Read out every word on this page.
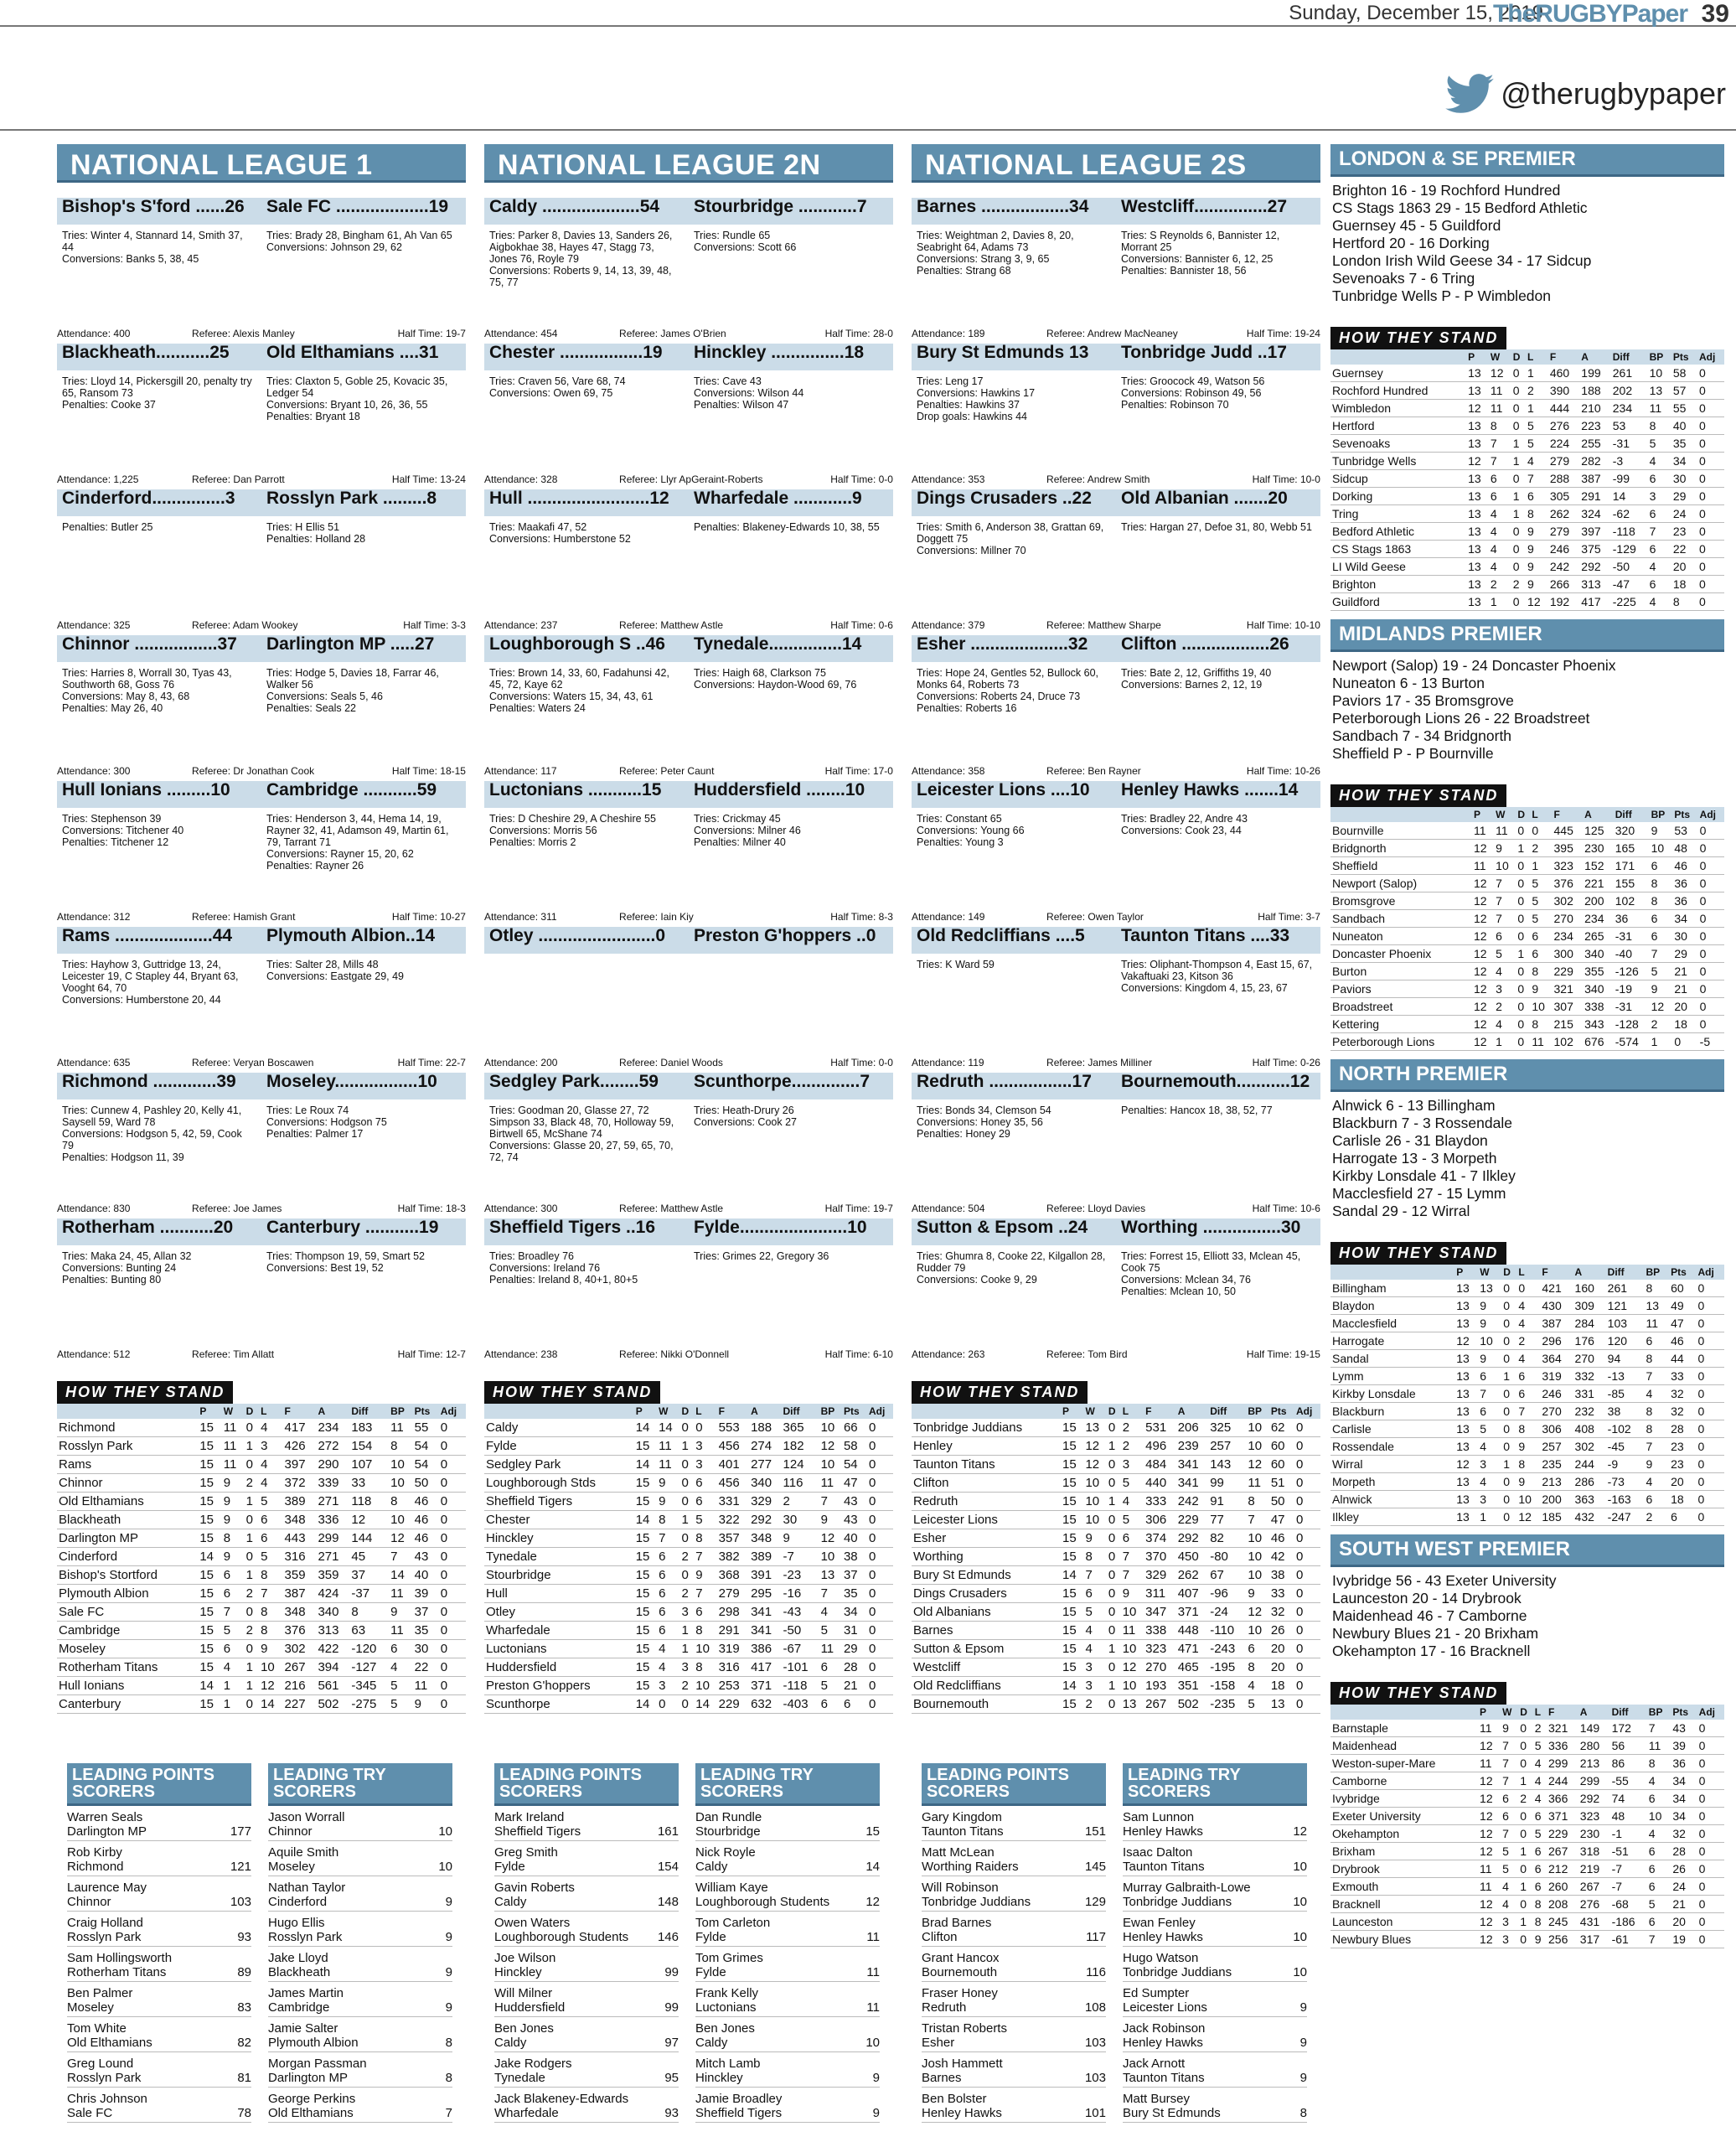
Sunday, December 15, 2019
TheRUGBYPaper 39
@therugbypaper
NATIONAL LEAGUE 1
Bishop's S'ford ......26	Sale FC ...................19
Tries: Winter 4, Stannard 14, Smith 37, 44
Conversions: Banks 5, 38, 45
Tries: Brady 28, Bingham 61, Ah Van 65
Conversions: Johnson 29, 62
Attendance: 400	Referee: Alexis Manley	Half Time: 19-7
Blackheath...........25	Old Elthamians ....31
Tries: Lloyd 14, Pickersgill 20, penalty try 65, Ransom 73
Penalties: Cooke 37
Tries: Claxton 5, Goble 25, Kovacic 35, Ledger 54
Conversions: Bryant 10, 26, 36, 55
Penalties: Bryant 18
Attendance: 1,225	Referee: Dan Parrott	Half Time: 13-24
Cinderford...............3	Rosslyn Park .........8
Penalties: Butler 25	Tries: H Ellis 51
Penalties: Holland 28
Attendance: 325	Referee: Adam Wookey	Half Time: 3-3
Chinnor .................37	Darlington MP .....27
Tries: Harries 8, Worrall 30, Tyas 43, Southworth 68, Goss 76
Conversions: May 8, 43, 68
Penalties: May 26, 40
Tries: Hodge 5, Davies 18, Farrar 46, Walker 56
Conversions: Seals 5, 46
Penalties: Seals 22
Attendance: 300	Referee: Dr Jonathan Cook	Half Time: 18-15
Hull Ionians .........10	Cambridge ...........59
Tries: Stephenson 39
Conversions: Titchener 40
Penalties: Titchener 12
Tries: Henderson 3, 44, Hema 14, 19, Rayner 32, 41, Adamson 49, Martin 61, 79, Tarrant 71
Conversions: Rayner 15, 20, 62
Penalties: Rayner 26
Attendance: 312	Referee: Hamish Grant	Half Time: 10-27
Rams ....................44	Plymouth Albion..14
Tries: Hayhow 3, Guttridge 13, 24, Leicester 19, C Stapley 44, Bryant 63, Vooght 64, 70
Conversions: Humberstone 20, 44
Tries: Salter 28, Mills 48
Conversions: Eastgate 29, 49
Attendance: 635	Referee: Veryan Boscawen	Half Time: 22-7
Richmond .............39	Moseley.................10
Tries: Cunnew 4, Pashley 20, Kelly 41, Saysell 59, Ward 78
Conversions: Hodgson 5, 42, 59, Cook 79
Penalties: Hodgson 11, 39
Tries: Le Roux 74
Conversions: Hodgson 75
Penalties: Palmer 17
Attendance: 830	Referee: Joe James	Half Time: 18-3
Rotherham ...........20	Canterbury ...........19
Tries: Maka 24, 45, Allan 32
Conversions: Bunting 24
Penalties: Bunting 80
Tries: Thompson 19, 59, Smart 52
Conversions: Best 19, 52
Attendance: 512	Referee: Tim Allatt	Half Time: 12-7
HOW THEY STAND
	P	W	D	L	F	A	Diff	BP	Pts	Adj
Richmond	15	11	0	4	417	234	183	11	55	0
Rosslyn Park	15	11	1	3	426	272	154	8	54	0
Rams	15	11	0	4	397	290	107	10	54	0
Chinnor	15	9	2	4	372	339	33	10	50	0
Old Elthamians	15	9	1	5	389	271	118	8	46	0
Blackheath	15	9	0	6	348	336	12	10	46	0
Darlington MP	15	8	1	6	443	299	144	12	46	0
Cinderford	14	9	0	5	316	271	45	7	43	0
Bishop's Stortford	15	6	1	8	359	359	37	14	40	0
Plymouth Albion	15	6	2	7	387	424	-37	11	39	0
Sale FC	15	7	0	8	348	340	8	9	37	0
Cambridge	15	5	2	8	376	313	63	11	35	0
Moseley	15	6	0	9	302	422	-120	6	30	0
Rotherham Titans	15	4	1	10	267	394	-127	4	22	0
Hull Ionians	14	1	1	12	216	561	-345	5	11	0
Canterbury	15	1	0	14	227	502	-275	5	9	0
LEADING POINTS SCORERS
Warren Seals
Darlington MP	177
Rob Kirby
Richmond	121
Laurence May
Chinnor	103
Craig Holland
Rosslyn Park	93
Sam Hollingsworth
Rotherham Titans	89
Ben Palmer
Moseley	83
Tom White
Old Elthamians	82
Greg Lound
Rosslyn Park	81
Chris Johnson
Sale FC	78
LEADING TRY SCORERS
Jason Worrall
Chinnor	10
Aquile Smith
Moseley	10
Nathan Taylor
Cinderford	9
Hugo Ellis
Rosslyn Park	9
Jake Lloyd
Blackheath	9
James Martin
Cambridge	9
Jamie Salter
Plymouth Albion	8
Morgan Passman
Darlington MP	8
George Perkins
Old Elthamians	7
NATIONAL LEAGUE 2N
Caldy ....................54	Stourbridge ............7
Tries: Parker 8, Davies 13, Sanders 26, Aigbokhae 38, Hayes 47, Stagg 73, Jones 76, Royle 79
Conversions: Roberts 9, 14, 13, 39, 48, 75, 77
Tries: Rundle 65
Conversions: Scott 66
Attendance: 454	Referee: James O'Brien	Half Time: 28-0
Chester .................19	Hinckley ...............18
Tries: Craven 56, Vare 68, 74
Conversions: Owen 69, 75
Tries: Cave 43
Conversions: Wilson 44
Penalties: Wilson 47
Attendance: 328	Referee: Llyr ApGeraint-Roberts	Half Time: 0-0
Hull .........................12	Wharfedale ............9
Tries: Maakafi 47, 52
Conversions: Humberstone 52
Penalties: Blakeney-Edwards 10, 38, 55
Attendance: 237	Referee: Matthew Astle	Half Time: 0-6
Loughborough S ..46	Tynedale...............14
Tries: Brown 14, 33, 60, Fadahunsi 42, 45, 72, Kaye 62
Conversions: Waters 15, 34, 43, 61
Penalties: Waters 24
Tries: Haigh 68, Clarkson 75
Conversions: Haydon-Wood 69, 76
Attendance: 117	Referee: Peter Caunt	Half Time: 17-0
Luctonians ...........15	Huddersfield ........10
Tries: D Cheshire 29, A Cheshire 55
Conversions: Morris 56
Penalties: Morris 2
Tries: Crickmay 45
Conversions: Milner 46
Penalties: Milner 40
Attendance: 311	Referee: Iain Kiy	Half Time: 8-3
Otley ........................0	Preston G'hoppers ..0
Attendance: 200	Referee: Daniel Woods	Half Time: 0-0
Sedgley Park........59	Scunthorpe..............7
Tries: Goodman 20, Glasse 27, 72 Simpson 33, Black 48, 70, Holloway 59, Birtwell 65, McShane 74
Conversions: Glasse 20, 27, 59, 65, 70, 72, 74
Tries: Heath-Drury 26
Conversions: Cook 27
Attendance: 300	Referee: Matthew Astle	Half Time: 19-7
Sheffield Tigers ..16	Fylde......................10
Tries: Broadley 76
Conversions: Ireland 76
Penalties: Ireland 8, 40+1, 80+5
Tries: Grimes 22, Gregory 36
Attendance: 238	Referee: Nikki O'Donnell	Half Time: 6-10
HOW THEY STAND
	P	W	D	L	F	A	Diff	BP	Pts	Adj
Caldy	14	14	0	0	553	188	365	10	66	0
Fylde	15	11	1	3	456	274	182	12	58	0
Sedgley Park	14	11	0	3	401	277	124	10	54	0
Loughborough Stds	15	9	0	6	456	340	116	11	47	0
Sheffield Tigers	15	9	0	6	331	329	2	7	43	0
Chester	14	8	1	5	322	292	30	9	43	0
Hinckley	15	7	0	8	357	348	9	12	40	0
Tynedale	15	6	2	7	382	389	-7	10	38	0
Stourbridge	15	6	0	9	368	391	-23	13	37	0
Hull	15	6	2	7	279	295	-16	7	35	0
Otley	15	6	3	6	298	341	-43	4	34	0
Wharfedale	15	6	1	8	291	341	-50	5	31	0
Luctonians	15	4	1	10	319	386	-67	11	29	0
Huddersfield	15	4	3	8	316	417	-101	6	28	0
Preston G'hoppers	15	3	2	10	253	371	-118	5	21	0
Scunthorpe	14	0	0	14	229	632	-403	6	6	0
LEADING POINTS SCORERS
Mark Ireland
Sheffield Tigers	161
Greg Smith
Fylde	154
Gavin Roberts
Caldy	148
Owen Waters
Loughborough Students 146
Joe Wilson
Hinckley	99
Will Milner
Huddersfield	99
Ben Jones
Caldy	97
Jake Rodgers
Tynedale	95
Jack Blakeney-Edwards
Wharfedale	93
LEADING TRY SCORERS
Dan Rundle
Stourbridge	15
Nick Royle
Caldy	14
William Kaye
Loughborough Students	12
Tom Carleton
Fylde	11
Tom Grimes
Fylde	11
Frank Kelly
Luctonians	11
Ben Jones
Caldy	10
Mitch Lamb
Hinckley	9
Jamie Broadley
Sheffield Tigers	9
NATIONAL LEAGUE 2S
Barnes ..................34	Westcliff...............27
Tries: Weightman 2, Davies 8, 20, Seabright 64, Adams 73
Conversions: Strang 3, 9, 65
Penalties: Strang 68
Tries: S Reynolds 6, Bannister 12, Morrant 25
Conversions: Bannister 6, 12, 25
Penalties: Bannister 18, 56
Attendance: 189	Referee: Andrew MacNeaney	Half Time: 19-24
Bury St Edmunds 13	Tonbridge Judd ..17
Tries: Leng 17
Conversions: Hawkins 17
Penalties: Hawkins 37
Drop goals: Hawkins 44
Tries: Groocock 49, Watson 56
Conversions: Robinson 49, 56
Penalties: Robinson 70
Attendance: 353	Referee: Andrew Smith	Half Time: 10-0
Dings Crusaders ..22	Old Albanian .......20
Tries: Smith 6, Anderson 38, Grattan 69, Doggett 75
Conversions: Millner 70
Tries: Hargan 27, Defoe 31, 80, Webb 51
Attendance: 379	Referee: Matthew Sharpe	Half Time: 10-10
Esher ....................32	Clifton ..................26
Tries: Hope 24, Gentles 52, Bullock 60, Monks 64, Roberts 73
Conversions: Roberts 24, Druce 73
Penalties: Roberts 16
Tries: Bate 2, 12, Griffiths 19, 40
Conversions: Barnes 2, 12, 19
Attendance: 358	Referee: Ben Rayner	Half Time: 10-26
Leicester Lions ....10	Henley Hawks .......14
Tries: Constant 65
Conversions: Young 66
Penalties: Young 3
Tries: Bradley 22, Andre 43
Conversions: Cook 23, 44
Attendance: 149	Referee: Owen Taylor	Half Time: 3-7
Old Redcliffians ....5	Taunton Titans ....33
Tries: K Ward 59	Tries: Oliphant-Thompson 4, East 15, 67, Vakaftuaki 23, Kitson 36
Conversions: Kingdom 4, 15, 23, 67
Attendance: 119	Referee: James Milliner	Half Time: 0-26
Redruth .................17	Bournemouth...........12
Tries: Bonds 34, Clemson 54
Conversions: Honey 35, 56
Penalties: Honey 29
Penalties: Hancox 18, 38, 52, 77
Attendance: 504	Referee: Lloyd Davies	Half Time: 10-6
Sutton & Epsom ..24	Worthing ................30
Tries: Ghumra 8, Cooke 22, Kilgallon 28, Rudder 79
Conversions: Cooke 9, 29
Tries: Forrest 15, Elliott 33, Mclean 45, Cook 75
Conversions: Mclean 34, 76
Penalties: Mclean 10, 50
Attendance: 263	Referee: Tom Bird	Half Time: 19-15
HOW THEY STAND
	P	W	D	L	F	A	Diff	BP	Pts	Adj
Tonbridge Juddians	15	13	0	2	531	206	325	10	62	0
Henley	15	12	1	2	496	239	257	10	60	0
Taunton Titans	15	12	0	3	484	341	143	12	60	0
Clifton	15	10	0	5	440	341	99	11	51	0
Redruth	15	10	1	4	333	242	91	8	50	0
Leicester Lions	15	10	0	5	306	229	77	7	47	0
Esher	15	9	0	6	374	292	82	10	46	0
Worthing	15	8	0	7	370	450	-80	10	42	0
Bury St Edmunds	14	7	0	7	329	262	67	10	38	0
Dings Crusaders	15	6	0	9	311	407	-96	9	33	0
Old Albanians	15	5	0	10	347	371	-24	12	32	0
Barnes	15	4	0	11	338	448	-110	10	26	0
Sutton & Epsom	15	4	1	10	323	471	-243	6	20	0
Westcliff	15	3	0	12	270	465	-195	8	20	0
Old Redcliffians	14	3	1	10	193	351	-158	4	18	0
Bournemouth	15	2	0	13	267	502	-235	5	13	0
LEADING POINTS SCORERS
Gary Kingdom
Taunton Titans	151
Matt McLean
Worthing Raiders	145
Will Robinson
Tonbridge Juddians	129
Brad Barnes
Clifton	117
Grant Hancox
Bournemouth	116
Fraser Honey
Redruth	108
Tristan Roberts
Esher	103
Josh Hammett
Barnes	103
Ben Bolster
Henley Hawks	101
LEADING TRY SCORERS
Sam Lunnon
Henley Hawks	12
Isaac Dalton
Taunton Titans	10
Murray Galbraith-Lowe
Tonbridge Juddians	10
Ewan Fenley
Henley Hawks	10
Hugo Watson
Tonbridge Juddians	10
Ed Sumpter
Leicester Lions	9
Jack Robinson
Henley Hawks	9
Jack Arnott
Taunton Titans	9
Matt Bursey
Bury St Edmunds	8
LONDON & SE PREMIER
Brighton 16 - 19 Rochford Hundred
CS Stags 1863 29 - 15 Bedford Athletic
Guernsey 45 - 5 Guildford
Hertford 20 - 16 Dorking
London Irish Wild Geese 34 - 17 Sidcup
Sevenoaks 7 - 6 Tring
Tunbridge Wells P - P Wimbledon
HOW THEY STAND
	P	W	D	L	F	A	Diff	BP	Pts	Adj
Guernsey	13	12	0	1	460	199	261	10	58	0
Rochford Hundred	13	11	0	2	390	188	202	13	57	0
Wimbledon	12	11	0	1	444	210	234	11	55	0
Hertford	13	8	0	5	276	223	53	8	40	0
Sevenoaks	13	7	1	5	224	255	-31	5	35	0
Tunbridge Wells	12	7	1	4	279	282	-3	4	34	0
Sidcup	13	6	0	7	288	387	-99	6	30	0
Dorking	13	6	1	6	305	291	14	3	29	0
Tring	13	4	1	8	262	324	-62	6	24	0
Bedford Athletic	13	4	0	9	279	397	-118	7	23	0
CS Stags 1863	13	4	0	9	246	375	-129	6	22	0
LI Wild Geese	13	4	0	9	242	292	-50	4	20	0
Brighton	13	2	2	9	266	313	-47	6	18	0
Guildford	13	1	0	12	192	417	-225	4	8	0
MIDLANDS PREMIER
Newport (Salop) 19 - 24 Doncaster Phoenix
Nuneaton 6 - 13 Burton
Paviors 17 - 35 Bromsgrove
Peterborough Lions 26 - 22 Broadstreet
Sandbach 7 - 34 Bridgnorth
Sheffield P - P Bournville
HOW THEY STAND
	P	W	D	L	F	A	Diff	BP	Pts	Adj
Bournville	11	11	0	0	445	125	320	9	53	0
Bridgnorth	12	9	1	2	395	230	165	10	48	0
Sheffield	11	10	0	1	323	152	171	6	46	0
Newport (Salop)	12	7	0	5	376	221	155	8	36	0
Bromsgrove	12	7	0	5	302	200	102	8	36	0
Sandbach	12	7	0	5	270	234	36	6	34	0
Nuneaton	12	6	0	6	234	265	-31	6	30	0
Doncaster Phoenix	12	5	1	6	300	340	-40	7	29	0
Burton	12	4	0	8	229	355	-126	5	21	0
Paviors	12	3	0	9	321	340	-19	9	21	0
Broadstreet	12	2	0	10	307	338	-31	12	20	0
Kettering	12	4	0	8	215	343	-128	2	18	0
Peterborough Lions	12	1	0	11	102	676	-574	1	0	-5
NORTH PREMIER
Alnwick 6 - 13 Billingham
Blackburn 7 - 3 Rossendale
Carlisle 26 - 31 Blaydon
Harrogate 13 - 3 Morpeth
Kirkby Lonsdale 41 - 7 Ilkley
Macclesfield 27 - 15 Lymm
Sandal 29 - 12 Wirral
HOW THEY STAND
	P	W	D	L	F	A	Diff	BP	Pts	Adj
Billingham	13	13	0	0	421	160	261	8	60	0
Blaydon	13	9	0	4	430	309	121	13	49	0
Macclesfield	13	9	0	4	387	284	103	11	47	0
Harrogate	12	10	0	2	296	176	120	6	46	0
Sandal	13	9	0	4	364	270	94	8	44	0
Lymm	13	6	1	6	319	332	-13	7	33	0
Kirkby Lonsdale	13	7	0	6	246	331	-85	4	32	0
Blackburn	13	6	0	7	270	232	38	8	32	0
Carlisle	13	5	0	8	306	408	-102	8	28	0
Rossendale	13	4	0	9	257	302	-45	7	23	0
Wirral	12	3	1	8	235	244	-9	9	23	0
Morpeth	13	4	0	9	213	286	-73	4	20	0
Alnwick	13	3	0	10	200	363	-163	6	18	0
Ilkley	13	1	0	12	185	432	-247	2	6	0
SOUTH WEST PREMIER
Ivybridge 56 - 43 Exeter University
Launceston 20 - 14 Drybrook
Maidenhead 46 - 7 Camborne
Newbury Blues 21 - 20 Brixham
Okehampton 17 - 16 Bracknell
HOW THEY STAND
	P	W	D	L	F	A	Diff	BP	Pts	Adj
Barnstaple	11	9	0	2	321	149	172	7	43	0
Maidenhead	12	7	0	5	336	280	56	11	39	0
Weston-super-Mare	11	7	0	4	299	213	86	8	36	0
Camborne	12	7	1	4	244	299	-55	4	34	0
Ivybridge	12	6	2	4	366	292	74	6	34	0
Exeter University	12	6	0	6	371	323	48	10	34	0
Okehampton	12	7	0	5	229	230	-1	4	32	0
Brixham	12	5	1	6	267	318	-51	6	28	0
Drybrook	11	5	0	6	212	219	-7	6	26	0
Exmouth	11	4	1	6	260	267	-7	6	24	0
Bracknell	12	4	0	8	208	276	-68	5	21	0
Launceston	12	3	1	8	245	431	-186	6	20	0
Newbury Blues	12	3	0	9	256	317	-61	7	19	0
